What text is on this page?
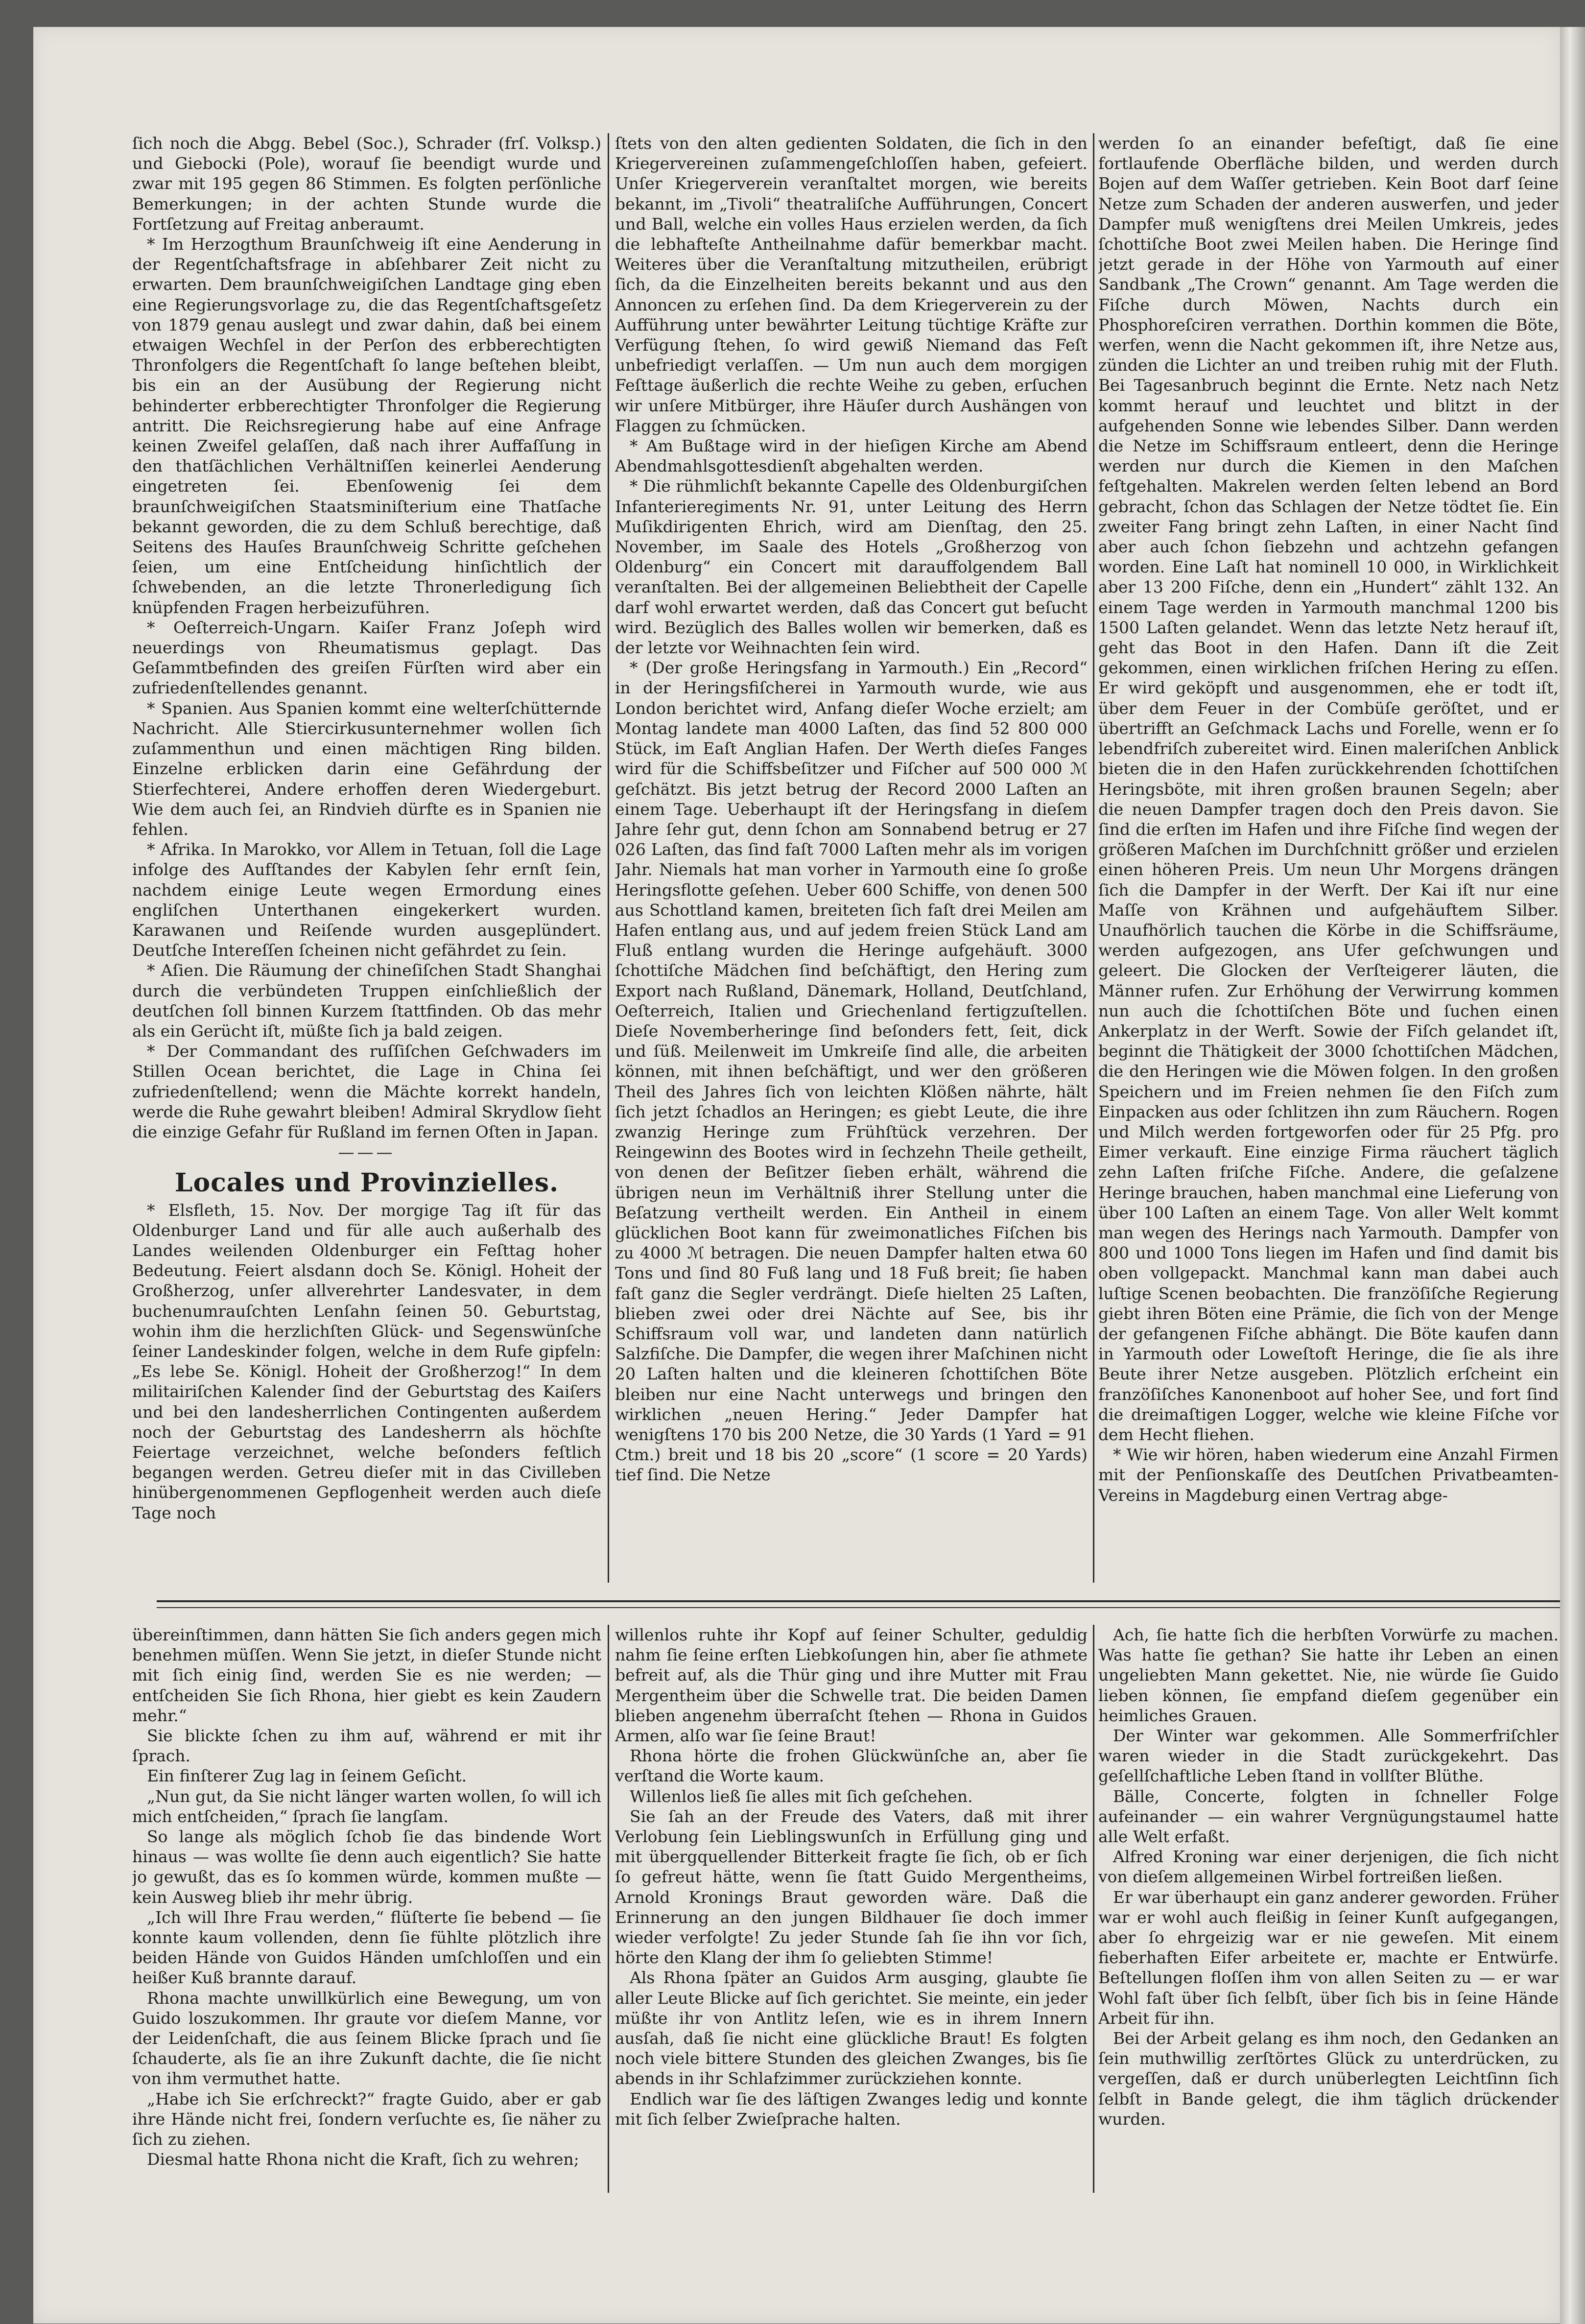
ſich noch die Abgg. Bebel (Soc.), Schrader (frſ. Volksp.) und Giebocki (Pole), worauf ſie beendigt wurde und zwar mit 195 gegen 86 Stimmen. Es folgten perſönliche Bemerkungen; in der achten Stunde wurde die Fortſetzung auf Freitag anberaumt.

* Im Herzogthum Braunſchweig iſt eine Aenderung in der Regentſchaftsfrage in abſehbarer Zeit nicht zu erwarten. Dem braunſchweigiſchen Landtage ging eben eine Regierungsvorlage zu, die das Regentſchaftsgeſetz von 1879 genau auslegt und zwar dahin, daß bei einem etwaigen Wechſel in der Perſon des erbberechtigten Thronfolgers die Regentſchaft ſo lange beſtehen bleibt, bis ein an der Ausübung der Regierung nicht behinderter erbberechtigter Thronfolger die Regierung antritt. Die Reichsregierung habe auf eine Anfrage keinen Zweifel gelaſſen, daß nach ihrer Auffaſſung in den thatſächlichen Verhältniſſen keinerlei Aenderung eingetreten ſei. Ebenſowenig ſei dem braunſchweigiſchen Staatsminiſterium eine Thatſache bekannt geworden, die zu dem Schluß berechtige, daß Seitens des Hauſes Braunſchweig Schritte geſchehen ſeien, um eine Entſcheidung hinſichtlich der ſchwebenden, an die letzte Thronerledigung ſich knüpfenden Fragen herbeizuführen.

* Oeſterreich-Ungarn. Kaiſer Franz Joſeph wird neuerdings von Rheumatismus geplagt. Das Geſammtbefinden des greiſen Fürſten wird aber ein zufriedenſtellendes genannt.

* Spanien. Aus Spanien kommt eine welterſchütternde Nachricht. Alle Stiercirkusunternehmer wollen ſich zuſammenthun und einen mächtigen Ring bilden. Einzelne erblicken darin eine Gefährdung der Stierfechterei, Andere erhoffen deren Wiedergeburt. Wie dem auch ſei, an Rindvieh dürfte es in Spanien nie fehlen.

* Afrika. In Marokko, vor Allem in Tetuan, ſoll die Lage infolge des Aufſtandes der Kabylen ſehr ernſt ſein, nachdem einige Leute wegen Ermordung eines engliſchen Unterthanen eingekerkert wurden. Karawanen und Reiſende wurden ausgeplündert. Deutſche Intereſſen ſcheinen nicht gefährdet zu ſein.

* Aſien. Die Räumung der chineſiſchen Stadt Shanghai durch die verbündeten Truppen einſchließlich der deutſchen ſoll binnen Kurzem ſtattfinden. Ob das mehr als ein Gerücht iſt, müßte ſich ja bald zeigen.

* Der Commandant des ruſſiſchen Geſchwaders im Stillen Ocean berichtet, die Lage in China ſei zufriedenſtellend; wenn die Mächte korrekt handeln, werde die Ruhe gewahrt bleiben! Admiral Skrydlow ſieht die einzige Gefahr für Rußland im fernen Oſten in Japan.

———
Locales und Provinzielles.

* Elsfleth, 15. Nov. Der morgige Tag iſt für das Oldenburger Land und für alle auch außerhalb des Landes weilenden Oldenburger ein Feſttag hoher Bedeutung. Feiert alsdann doch Se. Königl. Hoheit der Großherzog, unſer allverehrter Landesvater, in dem buchenumrauſchten Lenſahn ſeinen 50. Geburtstag, wohin ihm die herzlichſten Glück- und Segenswünſche ſeiner Landeskinder folgen, welche in dem Rufe gipfeln: „Es lebe Se. Königl. Hoheit der Großherzog!“ In dem militairiſchen Kalender ſind der Geburtstag des Kaiſers und bei den landesherrlichen Contingenten außerdem noch der Geburtstag des Landesherrn als höchſte Feiertage verzeichnet, welche beſonders feſtlich begangen werden. Getreu dieſer mit in das Civilleben hinübergenommenen Gepflogenheit werden auch dieſe Tage noch

ſtets von den alten gedienten Soldaten, die ſich in den Kriegervereinen zuſammengeſchloſſen haben, gefeiert. Unſer Kriegerverein veranſtaltet morgen, wie bereits bekannt, im „Tivoli“ theatraliſche Aufführungen, Concert und Ball, welche ein volles Haus erzielen werden, da ſich die lebhafteſte Antheilnahme dafür bemerkbar macht. Weiteres über die Veranſtaltung mitzutheilen, erübrigt ſich, da die Einzelheiten bereits bekannt und aus den Annoncen zu erſehen ſind. Da dem Kriegerverein zu der Aufführung unter bewährter Leitung tüchtige Kräfte zur Verfügung ſtehen, ſo wird gewiß Niemand das Feſt unbefriedigt verlaſſen. — Um nun auch dem morgigen Feſttage äußerlich die rechte Weihe zu geben, erſuchen wir unſere Mitbürger, ihre Häuſer durch Aushängen von Flaggen zu ſchmücken.

* Am Bußtage wird in der hieſigen Kirche am Abend Abendmahlsgottesdienſt abgehalten werden.

* Die rühmlichſt bekannte Capelle des Oldenburgiſchen Infanterieregiments Nr. 91, unter Leitung des Herrn Muſikdirigenten Ehrich, wird am Dienſtag, den 25. November, im Saale des Hotels „Großherzog von Oldenburg“ ein Concert mit darauffolgendem Ball veranſtalten. Bei der allgemeinen Beliebtheit der Capelle darf wohl erwartet werden, daß das Concert gut beſucht wird. Bezüglich des Balles wollen wir bemerken, daß es der letzte vor Weihnachten ſein wird.

* (Der große Heringsfang in Yarmouth.) Ein „Record“ in der Heringsfiſcherei in Yarmouth wurde, wie aus London berichtet wird, Anfang dieſer Woche erzielt; am Montag landete man 4000 Laſten, das ſind 52 800 000 Stück, im Eaſt Anglian Hafen. Der Werth dieſes Fanges wird für die Schiffsbeſitzer und Fiſcher auf 500 000 ℳ geſchätzt. Bis jetzt betrug der Record 2000 Laſten an einem Tage. Ueberhaupt iſt der Heringsfang in dieſem Jahre ſehr gut, denn ſchon am Sonnabend betrug er 27 026 Laſten, das ſind faſt 7000 Laſten mehr als im vorigen Jahr. Niemals hat man vorher in Yarmouth eine ſo große Heringsflotte geſehen. Ueber 600 Schiffe, von denen 500 aus Schottland kamen, breiteten ſich faſt drei Meilen am Hafen entlang aus, und auf jedem freien Stück Land am Fluß entlang wurden die Heringe aufgehäuft. 3000 ſchottiſche Mädchen ſind beſchäftigt, den Hering zum Export nach Rußland, Dänemark, Holland, Deutſchland, Oeſterreich, Italien und Griechenland fertigzuſtellen. Dieſe Novemberheringe ſind beſonders fett, ſeit, dick und ſüß. Meilenweit im Umkreiſe ſind alle, die arbeiten können, mit ihnen beſchäftigt, und wer den größeren Theil des Jahres ſich von leichten Klößen nährte, hält ſich jetzt ſchadlos an Heringen; es giebt Leute, die ihre zwanzig Heringe zum Frühſtück verzehren. Der Reingewinn des Bootes wird in ſechzehn Theile getheilt, von denen der Beſitzer ſieben erhält, während die übrigen neun im Verhältniß ihrer Stellung unter die Beſatzung vertheilt werden. Ein Antheil in einem glücklichen Boot kann für zweimonatliches Fiſchen bis zu 4000 ℳ betragen. Die neuen Dampfer halten etwa 60 Tons und ſind 80 Fuß lang und 18 Fuß breit; ſie haben faſt ganz die Segler verdrängt. Dieſe hielten 25 Laſten, blieben zwei oder drei Nächte auf See, bis ihr Schiffsraum voll war, und landeten dann natürlich Salzfiſche. Die Dampfer, die wegen ihrer Maſchinen nicht 20 Laſten halten und die kleineren ſchottiſchen Böte bleiben nur eine Nacht unterwegs und bringen den wirklichen „neuen Hering.“ Jeder Dampfer hat wenigſtens 170 bis 200 Netze, die 30 Yards (1 Yard = 91 Ctm.) breit und 18 bis 20 „score“ (1 score = 20 Yards) tief ſind. Die Netze

werden ſo an einander befeſtigt, daß ſie eine fortlaufende Oberfläche bilden, und werden durch Bojen auf dem Waſſer getrieben. Kein Boot darf ſeine Netze zum Schaden der anderen auswerfen, und jeder Dampfer muß wenigſtens drei Meilen Umkreis, jedes ſchottiſche Boot zwei Meilen haben. Die Heringe ſind jetzt gerade in der Höhe von Yarmouth auf einer Sandbank „The Crown“ genannt. Am Tage werden die Fiſche durch Möwen, Nachts durch ein Phosphoreſciren verrathen. Dorthin kommen die Böte, werfen, wenn die Nacht gekommen iſt, ihre Netze aus, zünden die Lichter an und treiben ruhig mit der Fluth. Bei Tagesanbruch beginnt die Ernte. Netz nach Netz kommt herauf und leuchtet und blitzt in der aufgehenden Sonne wie lebendes Silber. Dann werden die Netze im Schiffsraum entleert, denn die Heringe werden nur durch die Kiemen in den Maſchen feſtgehalten. Makrelen werden ſelten lebend an Bord gebracht, ſchon das Schlagen der Netze tödtet ſie. Ein zweiter Fang bringt zehn Laſten, in einer Nacht ſind aber auch ſchon ſiebzehn und achtzehn gefangen worden. Eine Laſt hat nominell 10 000, in Wirklichkeit aber 13 200 Fiſche, denn ein „Hundert“ zählt 132. An einem Tage werden in Yarmouth manchmal 1200 bis 1500 Laſten gelandet. Wenn das letzte Netz herauf iſt, geht das Boot in den Hafen. Dann iſt die Zeit gekommen, einen wirklichen friſchen Hering zu eſſen. Er wird geköpft und ausgenommen, ehe er todt iſt, über dem Feuer in der Combüſe geröſtet, und er übertrifft an Geſchmack Lachs und Forelle, wenn er ſo lebendfriſch zubereitet wird. Einen maleriſchen Anblick bieten die in den Hafen zurückkehrenden ſchottiſchen Heringsböte, mit ihren großen braunen Segeln; aber die neuen Dampfer tragen doch den Preis davon. Sie ſind die erſten im Hafen und ihre Fiſche ſind wegen der größeren Maſchen im Durchſchnitt größer und erzielen einen höheren Preis. Um neun Uhr Morgens drängen ſich die Dampfer in der Werft. Der Kai iſt nur eine Maſſe von Krähnen und aufgehäuftem Silber. Unaufhörlich tauchen die Körbe in die Schiffsräume, werden aufgezogen, ans Ufer geſchwungen und geleert. Die Glocken der Verſteigerer läuten, die Männer rufen. Zur Erhöhung der Verwirrung kommen nun auch die ſchottiſchen Böte und ſuchen einen Ankerplatz in der Werft. Sowie der Fiſch gelandet iſt, beginnt die Thätigkeit der 3000 ſchottiſchen Mädchen, die den Heringen wie die Möwen folgen. In den großen Speichern und im Freien nehmen ſie den Fiſch zum Einpacken aus oder ſchlitzen ihn zum Räuchern. Rogen und Milch werden fortgeworfen oder für 25 Pfg. pro Eimer verkauft. Eine einzige Firma räuchert täglich zehn Laſten friſche Fiſche. Andere, die geſalzene Heringe brauchen, haben manchmal eine Lieferung von über 100 Laſten an einem Tage. Von aller Welt kommt man wegen des Herings nach Yarmouth. Dampfer von 800 und 1000 Tons liegen im Hafen und ſind damit bis oben vollgepackt. Manchmal kann man dabei auch luſtige Scenen beobachten. Die franzöſiſche Regierung giebt ihren Böten eine Prämie, die ſich von der Menge der gefangenen Fiſche abhängt. Die Böte kaufen dann in Yarmouth oder Loweſtoft Heringe, die ſie als ihre Beute ihrer Netze ausgeben. Plötzlich erſcheint ein franzöſiſches Kanonenboot auf hoher See, und fort ſind die dreimaſtigen Logger, welche wie kleine Fiſche vor dem Hecht fliehen.

* Wie wir hören, haben wiederum eine Anzahl Firmen mit der Penſionskaſſe des Deutſchen Privatbeamten-Vereins in Magdeburg einen Vertrag abge-

übereinſtimmen, dann hätten Sie ſich anders gegen mich benehmen müſſen. Wenn Sie jetzt, in dieſer Stunde nicht mit ſich einig ſind, werden Sie es nie werden; — entſcheiden Sie ſich Rhona, hier giebt es kein Zaudern mehr.“

Sie blickte ſchen zu ihm auf, während er mit ihr ſprach.

Ein finſterer Zug lag in ſeinem Geſicht.

„Nun gut, da Sie nicht länger warten wollen, ſo will ich mich entſcheiden,“ ſprach ſie langſam.

So lange als möglich ſchob ſie das bindende Wort hinaus — was wollte ſie denn auch eigentlich? Sie hatte jo gewußt, das es ſo kommen würde, kommen mußte — kein Ausweg blieb ihr mehr übrig.

„Ich will Ihre Frau werden,“ flüſterte ſie bebend — ſie konnte kaum vollenden, denn ſie fühlte plötzlich ihre beiden Hände von Guidos Händen umſchloſſen und ein heißer Kuß brannte darauf.

Rhona machte unwillkürlich eine Bewegung, um von Guido loszukommen. Ihr graute vor dieſem Manne, vor der Leidenſchaft, die aus ſeinem Blicke ſprach und ſie ſchauderte, als ſie an ihre Zukunft dachte, die ſie nicht von ihm vermuthet hatte.

„Habe ich Sie erſchreckt?“ fragte Guido, aber er gab ihre Hände nicht frei, ſondern verſuchte es, ſie näher zu ſich zu ziehen.

Diesmal hatte Rhona nicht die Kraft, ſich zu wehren;

willenlos ruhte ihr Kopf auf ſeiner Schulter, geduldig nahm ſie ſeine erſten Liebkoſungen hin, aber ſie athmete befreit auf, als die Thür ging und ihre Mutter mit Frau Mergentheim über die Schwelle trat. Die beiden Damen blieben angenehm überraſcht ſtehen — Rhona in Guidos Armen, alſo war ſie ſeine Braut!

Rhona hörte die frohen Glückwünſche an, aber ſie verſtand die Worte kaum.

Willenlos ließ ſie alles mit ſich geſchehen.

Sie ſah an der Freude des Vaters, daß mit ihrer Verlobung ſein Lieblingswunſch in Erfüllung ging und mit übergquellender Bitterkeit fragte ſie ſich, ob er ſich ſo gefreut hätte, wenn ſie ſtatt Guido Mergentheims, Arnold Kronings Braut geworden wäre. Daß die Erinnerung an den jungen Bildhauer ſie doch immer wieder verfolgte! Zu jeder Stunde ſah ſie ihn vor ſich, hörte den Klang der ihm ſo geliebten Stimme!

Als Rhona ſpäter an Guidos Arm ausging, glaubte ſie aller Leute Blicke auf ſich gerichtet. Sie meinte, ein jeder müßte ihr von Antlitz leſen, wie es in ihrem Innern ausſah, daß ſie nicht eine glückliche Braut! Es folgten noch viele bittere Stunden des gleichen Zwanges, bis ſie abends in ihr Schlafzimmer zurückziehen konnte.

Endlich war ſie des läſtigen Zwanges ledig und konnte mit ſich ſelber Zwieſprache halten.

Ach, ſie hatte ſich die herbſten Vorwürfe zu machen. Was hatte ſie gethan? Sie hatte ihr Leben an einen ungeliebten Mann gekettet. Nie, nie würde ſie Guido lieben können, ſie empfand dieſem gegenüber ein heimliches Grauen.

Der Winter war gekommen. Alle Sommerfriſchler waren wieder in die Stadt zurückgekehrt. Das geſellſchaftliche Leben ſtand in vollſter Blüthe.

Bälle, Concerte, folgten in ſchneller Folge aufeinander — ein wahrer Vergnügungstaumel hatte alle Welt erfaßt.

Alfred Kroning war einer derjenigen, die ſich nicht von dieſem allgemeinen Wirbel fortreißen ließen.

Er war überhaupt ein ganz anderer geworden. Früher war er wohl auch fleißig in ſeiner Kunſt aufgegangen, aber ſo ehrgeizig war er nie geweſen. Mit einem fieberhaften Eifer arbeitete er, machte er Entwürfe. Beſtellungen floſſen ihm von allen Seiten zu — er war Wohl faſt über ſich ſelbſt, über ſich bis in ſeine Hände Arbeit für ihn.

Bei der Arbeit gelang es ihm noch, den Gedanken an ſein muthwillig zerſtörtes Glück zu unterdrücken, zu vergeſſen, daß er durch unüberlegten Leichtſinn ſich ſelbſt in Bande gelegt, die ihm täglich drückender wurden.
